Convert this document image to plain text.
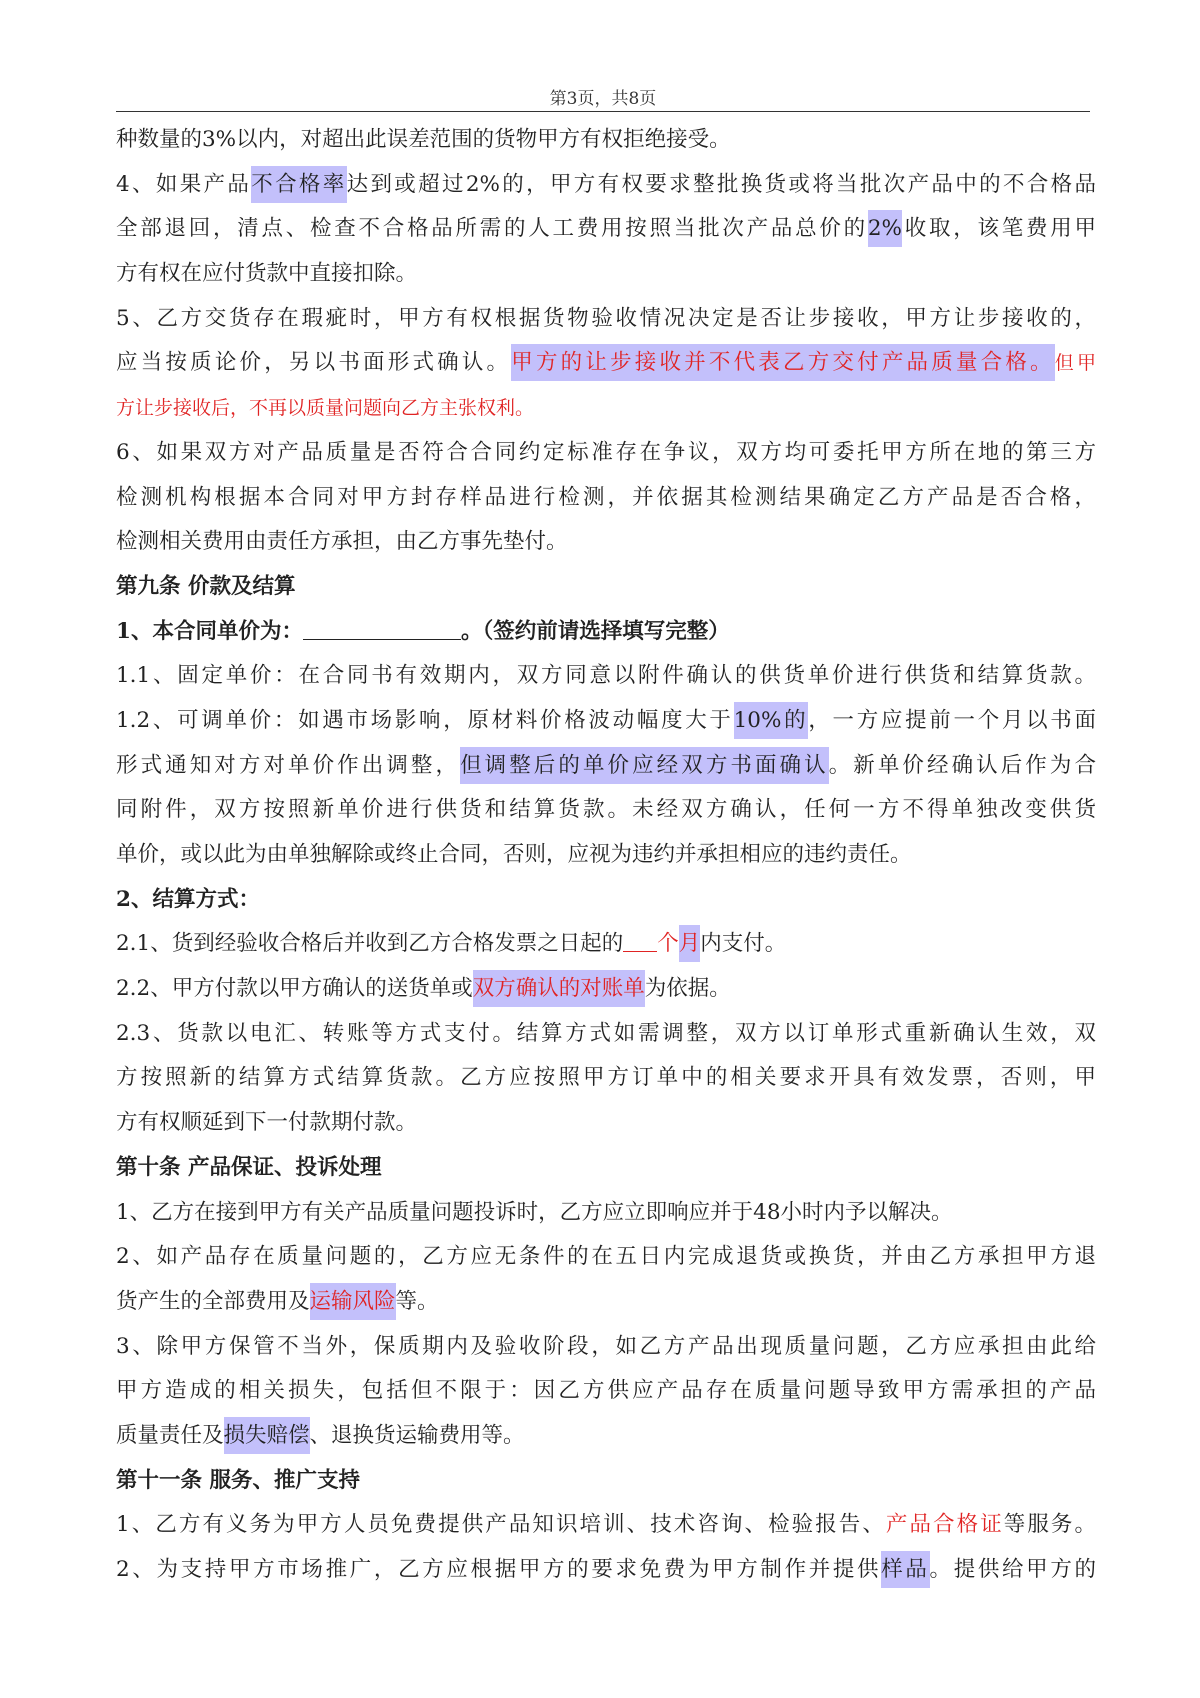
第3页，共8页
种数量的3%以内，对超出此误差范围的货物甲方有权拒绝接受。
4、如果产品不合格率达到或超过2%的，甲方有权要求整批换货或将当批次产品中的不合格品
全部退回，清点、检查不合格品所需的人工费用按照当批次产品总价的2%收取，该笔费用甲
方有权在应付货款中直接扣除。
5、乙方交货存在瑕疵时，甲方有权根据货物验收情况决定是否让步接收，甲方让步接收的，
应当按质论价，另以书面形式确认。甲方的让步接收并不代表乙方交付产品质量合格。但甲
方让步接收后，不再以质量问题向乙方主张权利。
6、如果双方对产品质量是否符合合同约定标准存在争议，双方均可委托甲方所在地的第三方
检测机构根据本合同对甲方封存样品进行检测，并依据其检测结果确定乙方产品是否合格，
检测相关费用由责任方承担，由乙方事先垫付。
第九条 价款及结算
1、本合同单价为：	。（签约前请选择填写完整）
1.1、固定单价：在合同书有效期内，双方同意以附件确认的供货单价进行供货和结算货款。
1.2、可调单价：如遇市场影响，原材料价格波动幅度大于10%的，一方应提前一个月以书面
形式通知对方对单价作出调整，但调整后的单价应经双方书面确认。新单价经确认后作为合
同附件，双方按照新单价进行供货和结算货款。未经双方确认，任何一方不得单独改变供货
单价，或以此为由单独解除或终止合同，否则，应视为违约并承担相应的违约责任。
2、结算方式：
2.1、货到经验收合格后并收到乙方合格发票之日起的 个月内支付。
2.2、甲方付款以甲方确认的送货单或双方确认的对账单为依据。
2.3、货款以电汇、转账等方式支付。结算方式如需调整，双方以订单形式重新确认生效，双
方按照新的结算方式结算货款。乙方应按照甲方订单中的相关要求开具有效发票，否则，甲
方有权顺延到下一付款期付款。
第十条 产品保证、投诉处理
1、乙方在接到甲方有关产品质量问题投诉时，乙方应立即响应并于48小时内予以解决。
2、如产品存在质量问题的，乙方应无条件的在五日内完成退货或换货，并由乙方承担甲方退
货产生的全部费用及运输风险等。
3、除甲方保管不当外，保质期内及验收阶段，如乙方产品出现质量问题，乙方应承担由此给
甲方造成的相关损失，包括但不限于：因乙方供应产品存在质量问题导致甲方需承担的产品
质量责任及损失赔偿、退换货运输费用等。
第十一条 服务、推广支持
1、乙方有义务为甲方人员免费提供产品知识培训、技术咨询、检验报告、产品合格证等服务。
2、为支持甲方市场推广，乙方应根据甲方的要求免费为甲方制作并提供样品。提供给甲方的
